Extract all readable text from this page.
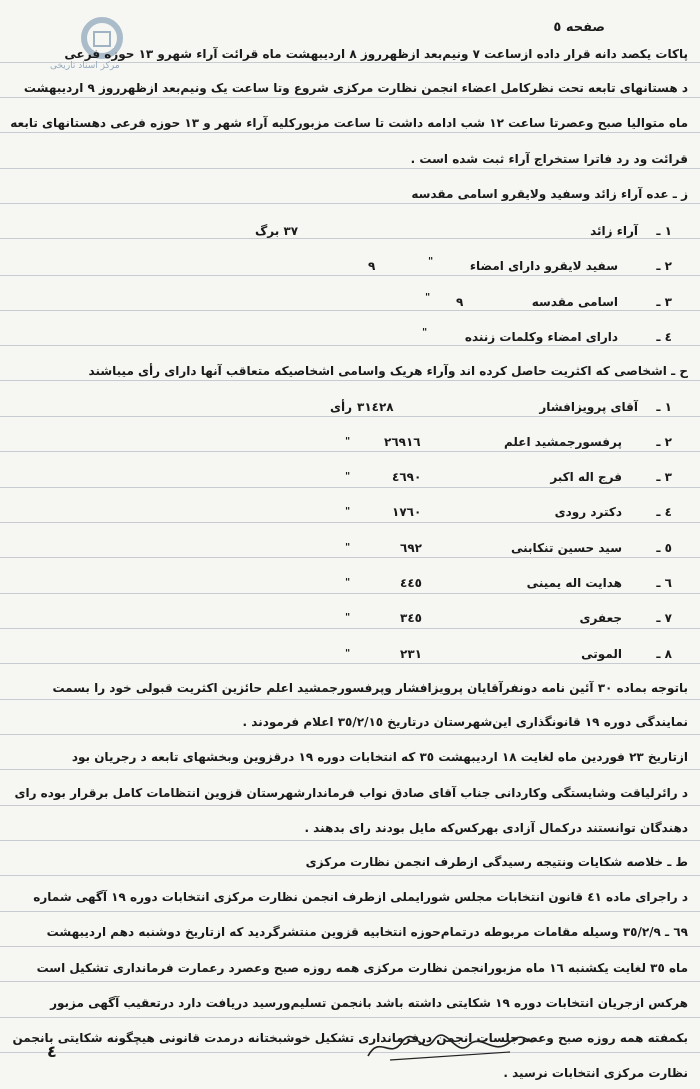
مرکز اسناد تاریخی
صفحه ٥
پاکات یکصد دانه قرار داده ازساعت ٧ ونیم‌بعد ازظهرروز ٨ اردیبهشت ماه قرائت آراء شهرو ١٣ حوزه فرعی
د هستانهای تابعه تحت نظرکامل اعضاء انجمن نظارت مرکزی شروع وتا ساعت یک ونیم‌بعد ازظهرروز ٩ اردیبهشت
ماه متوالیا صبح وعصرتا ساعت ١٢ شب ادامه داشت تا ساعت مزبورکلیه آراء شهر و ١٣ حوزه فرعی دهستانهای تابعه
قرائت ود رد فاترا ستخراج آراء ثبت شده است .
ز ـ عده آراء زائد وسفید ولایقرو اسامی مقدسه
١ ـ
آراء زائد
٣٧ برگ
٢ ـ
سفید لایقرو دارای امضاء
٩	"
٣ ـ
اسامی مقدسه
٩
"
٤ ـ
دارای امضاء وکلمات زننده
"
ح ـ اشخاصی که اکثریت حاصل کرده اند وآراء هریک واسامی اشخاصیکه متعاقب آنها دارای رأی میباشند
١ ـ
آقای پرویزافشار
٣١٤٢٨
رأی
٢ ـ
پرفسورجمشید اعلم
٢٦٩١٦
"
٣ ـ
فرج اله اکبر
٤٦٩٠
"
٤ ـ
دکترد رودی
١٧٦٠
"
٥ ـ
سید حسین تنکابنی
٦٩٢
"
٦ ـ
هدایت اله یمینی
٤٤٥
"
٧ ـ
جعفری
٣٤٥
"
٨ ـ
الموتی
٢٣١
"
باتوجه بماده ٣٠ آئین نامه دونفرآقایان پرویزافشار وپرفسورجمشید اعلم حائزین اکثریت قبولی خود را بسمت
نمایندگی دوره ١٩ قانونگذاری این‌شهرستان درتاریخ ٣٥/٢/١٥ اعلام فرمودند .
ازتاریخ ٢٣ فوردین ماه لغایت ١٨ اردیبهشت ٣٥ که انتخابات دوره ١٩ درقزوین وبخشهای تابعه د رجریان بود
د رائرلیاقت وشایستگی وکاردانی جناب آقای صادق نواب فرماندارشهرستان قزوین انتظامات کامل برقرار بوده رای
دهندگان توانستند درکمال آزادی بهرکس‌که مایل بودند رای بدهند .
ط ـ خلاصه شکایات ونتیجه رسیدگی ازطرف انجمن نظارت مرکزی
د راجرای ماده ٤١ قانون انتخابات مجلس شورایملی ازطرف انجمن نظارت مرکزی انتخابات دوره ١٩ آگهی شماره
٦٩ ـ ٣٥/٢/٩ وسیله مقامات مربوطه درتمام‌حوزه انتخابیه قزوین منتشرگردید که ازتاریخ دوشنبه دهم اردیبهشت
ماه ٣٥ لغایت یکشنبه ١٦ ماه مزبورانجمن نظارت مرکزی همه روزه صبح وعصرد رعمارت فرمانداری تشکیل است
هرکس ازجریان انتخابات دوره ١٩ شکایتی داشته باشد بانجمن تسلیم‌ورسید دریافت دارد درتعقیب آگهی مزبور
بکمفته همه روزه صبح وعصرجلسات انجمن درفرمانداری تشکیل خوشبختانه درمدت قانونی هیچگونه شکایتی بانجمن
نظارت مرکزی انتخابات نرسید .
٤
